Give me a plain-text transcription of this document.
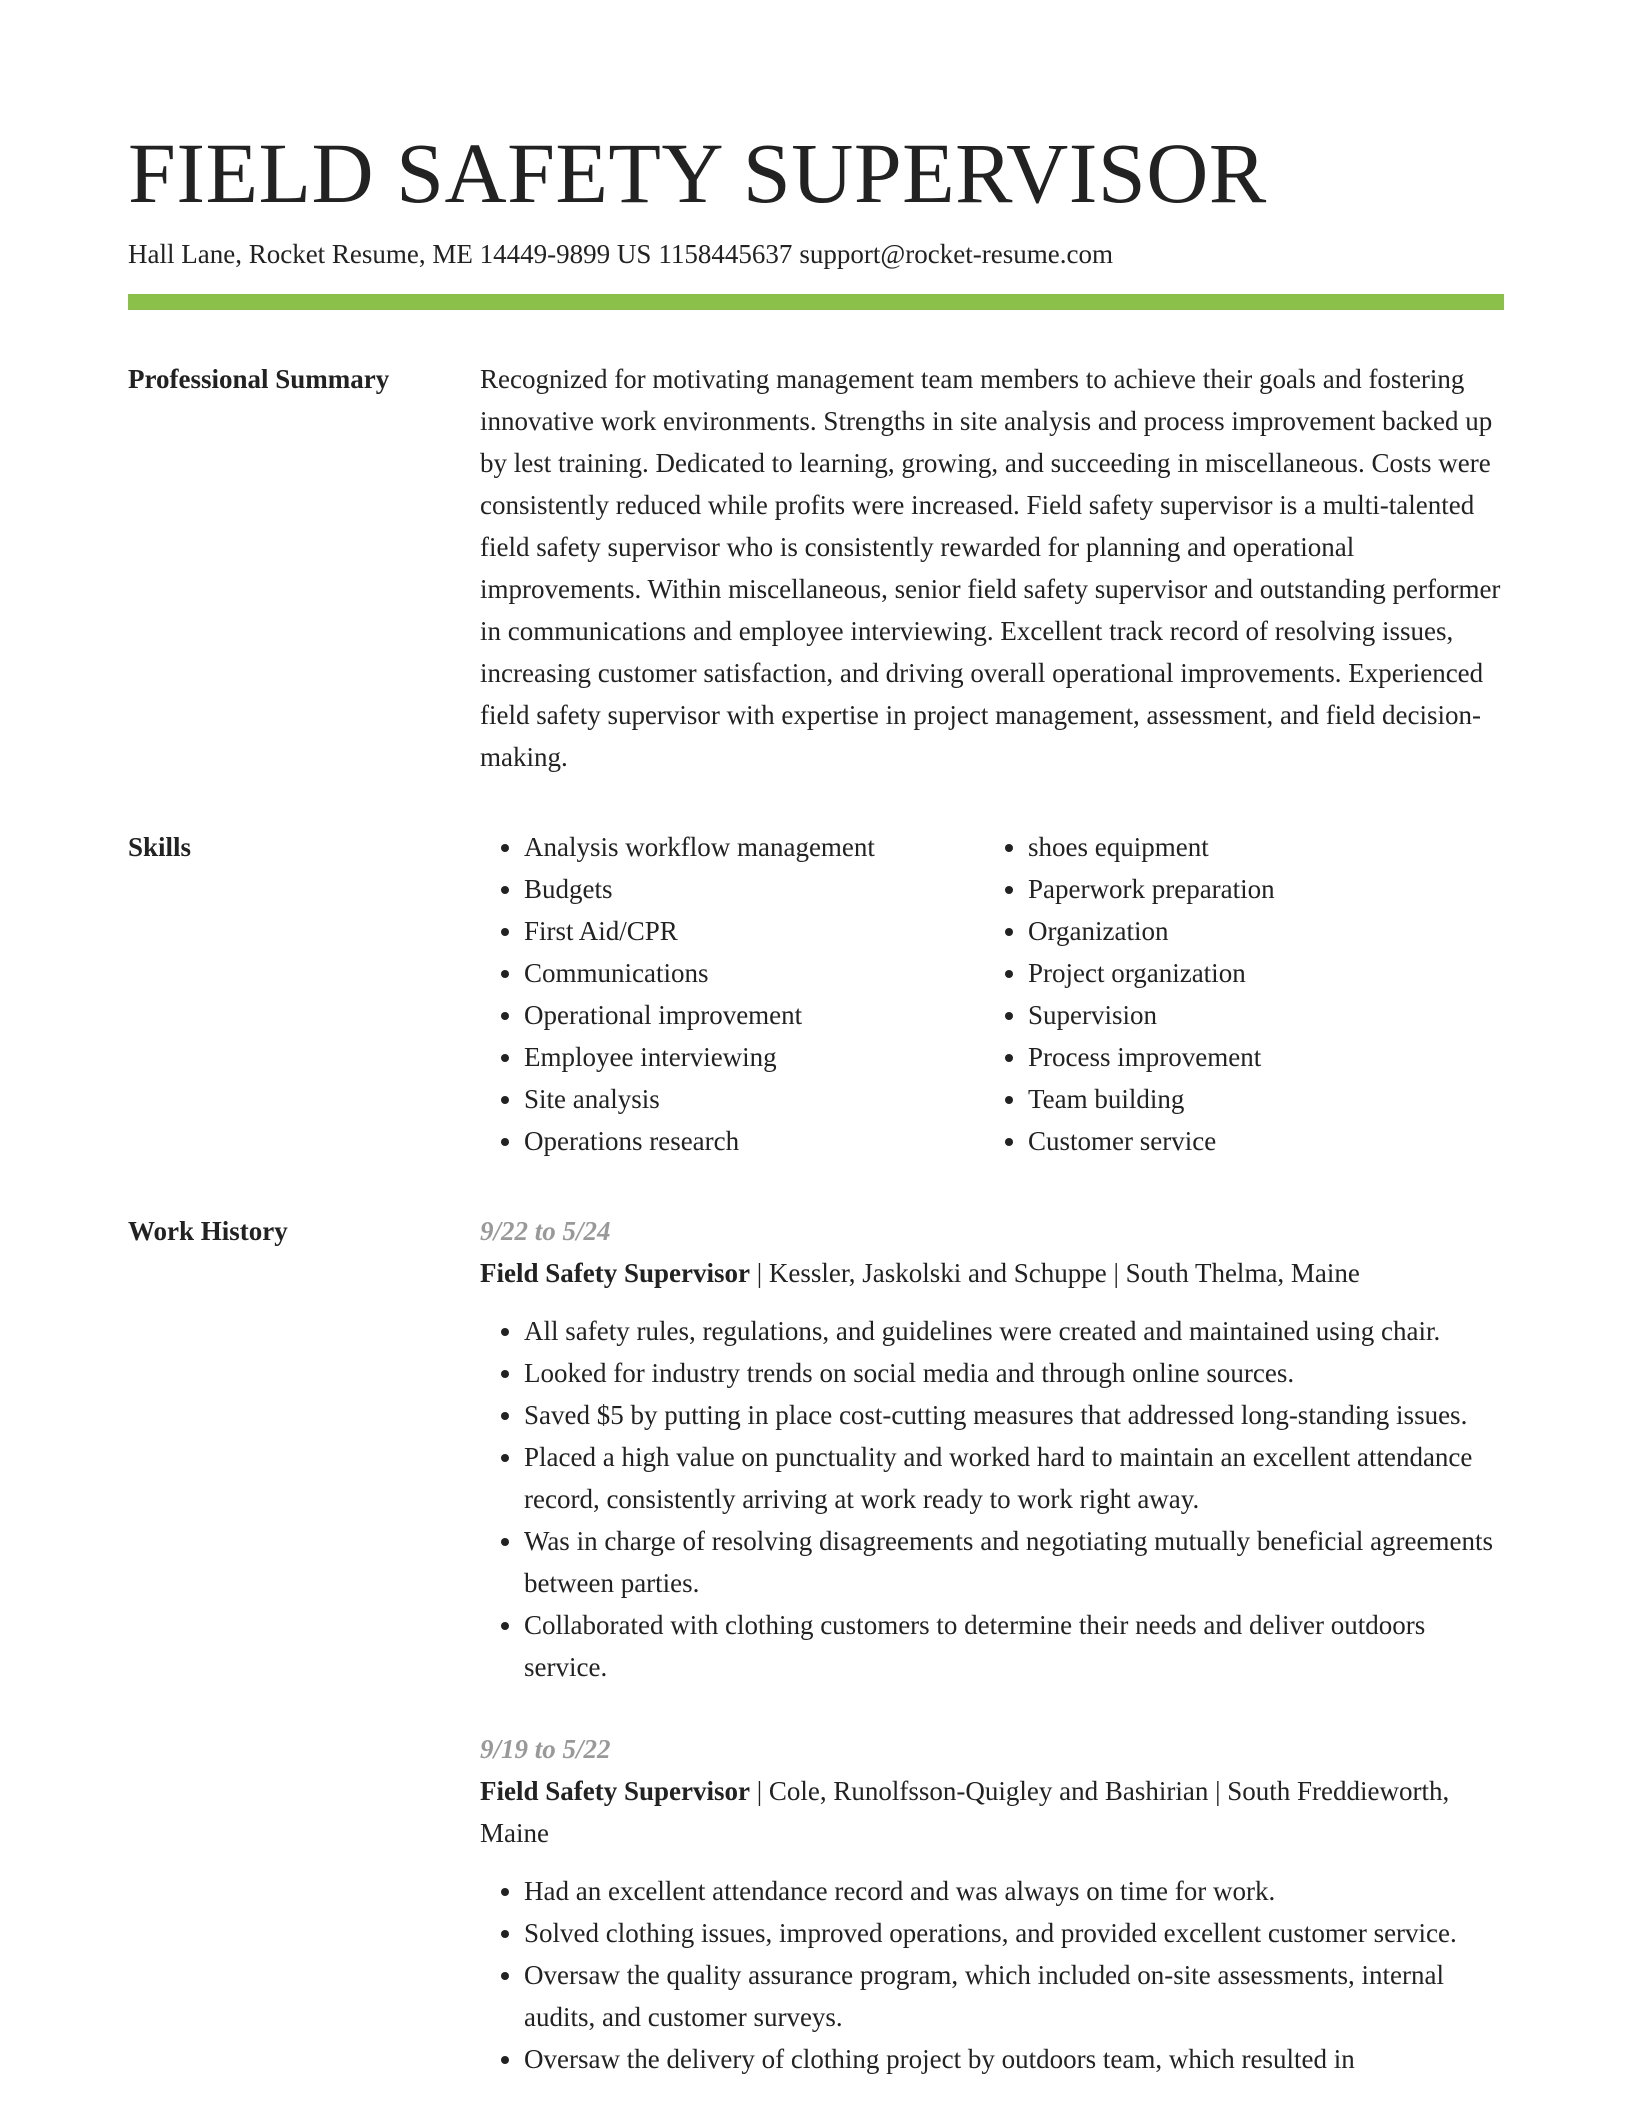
FIELD SAFETY SUPERVISOR
Hall Lane, Rocket Resume, ME 14449-9899 US 1158445637 support@rocket-resume.com
Professional Summary	Recognized for motivating management team members to achieve their goals and fostering innovative work environments. Strengths in site analysis and process improvement backed up by lest training. Dedicated to learning, growing, and succeeding in miscellaneous. Costs were consistently reduced while profits were increased. Field safety supervisor is a multi-talented field safety supervisor who is consistently rewarded for planning and operational improvements. Within miscellaneous, senior field safety supervisor and outstanding performer in communications and employee interviewing. Excellent track record of resolving issues, increasing customer satisfaction, and driving overall operational improvements. Experienced field safety supervisor with expertise in project management, assessment, and field decision-making.

Skills
•	Analysis workflow management
• Budgets
• First Aid/CPR
• Communications
• Operational improvement
• Employee interviewing
• Site analysis
• Operations research
• shoes equipment
• Paperwork preparation
• Organization
• Project organization
• Supervision
• Process improvement
• Team building
• Customer service
Work History	9/22 to 5/24
Field Safety Supervisor | Kessler, Jaskolski and Schuppe | South Thelma, Maine
• All safety rules, regulations, and guidelines were created and maintained using chair.
• Looked for industry trends on social media and through online sources.
• Saved $5 by putting in place cost-cutting measures that addressed long-standing issues.
• Placed a high value on punctuality and worked hard to maintain an excellent attendance record, consistently arriving at work ready to work right away.
• Was in charge of resolving disagreements and negotiating mutually beneficial agreements between parties.
• Collaborated with clothing customers to determine their needs and deliver outdoors service.
9/19 to 5/22
Field Safety Supervisor | Cole, Runolfsson-Quigley and Bashirian | South Freddieworth, Maine
• Had an excellent attendance record and was always on time for work.
• Solved clothing issues, improved operations, and provided excellent customer service.
• Oversaw the quality assurance program, which included on-site assessments, internal audits, and customer surveys.
• Oversaw the delivery of clothing project by outdoors team, which resulted in
